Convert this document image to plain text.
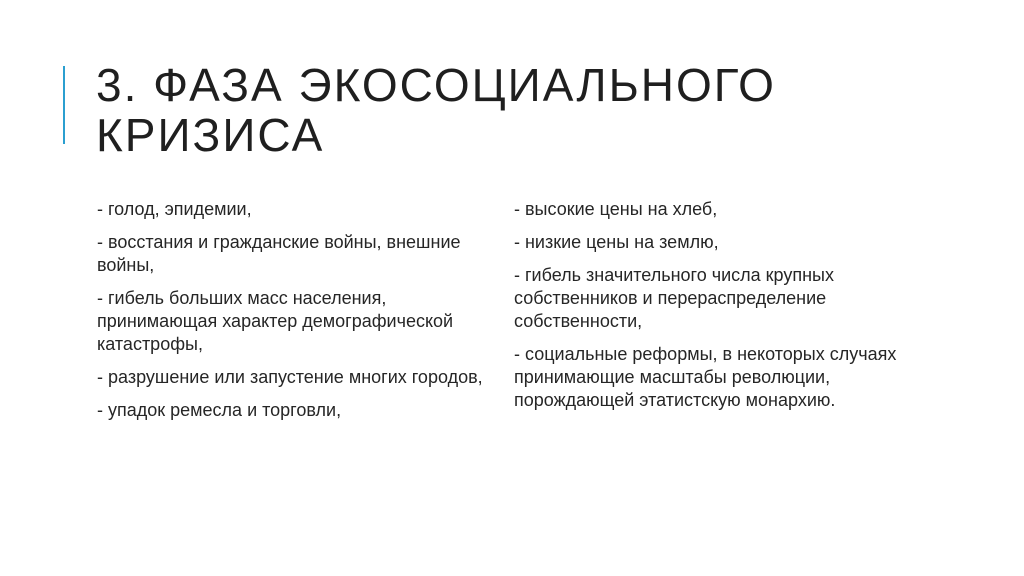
3. ФАЗА ЭКОСОЦИАЛЬНОГО
КРИЗИСА
- голод, эпидемии,
- восстания и гражданские войны, внешние войны,
- гибель больших масс населения, принимающая характер демографической катастрофы,
- разрушение или запустение многих городов,
- упадок ремесла и торговли,
- высокие цены на хлеб,
- низкие цены на землю,
- гибель значительного числа крупных собственников и перераспределение собственности,
- социальные реформы, в некоторых случаях принимающие масштабы революции, порождающей этатистскую монархию.
